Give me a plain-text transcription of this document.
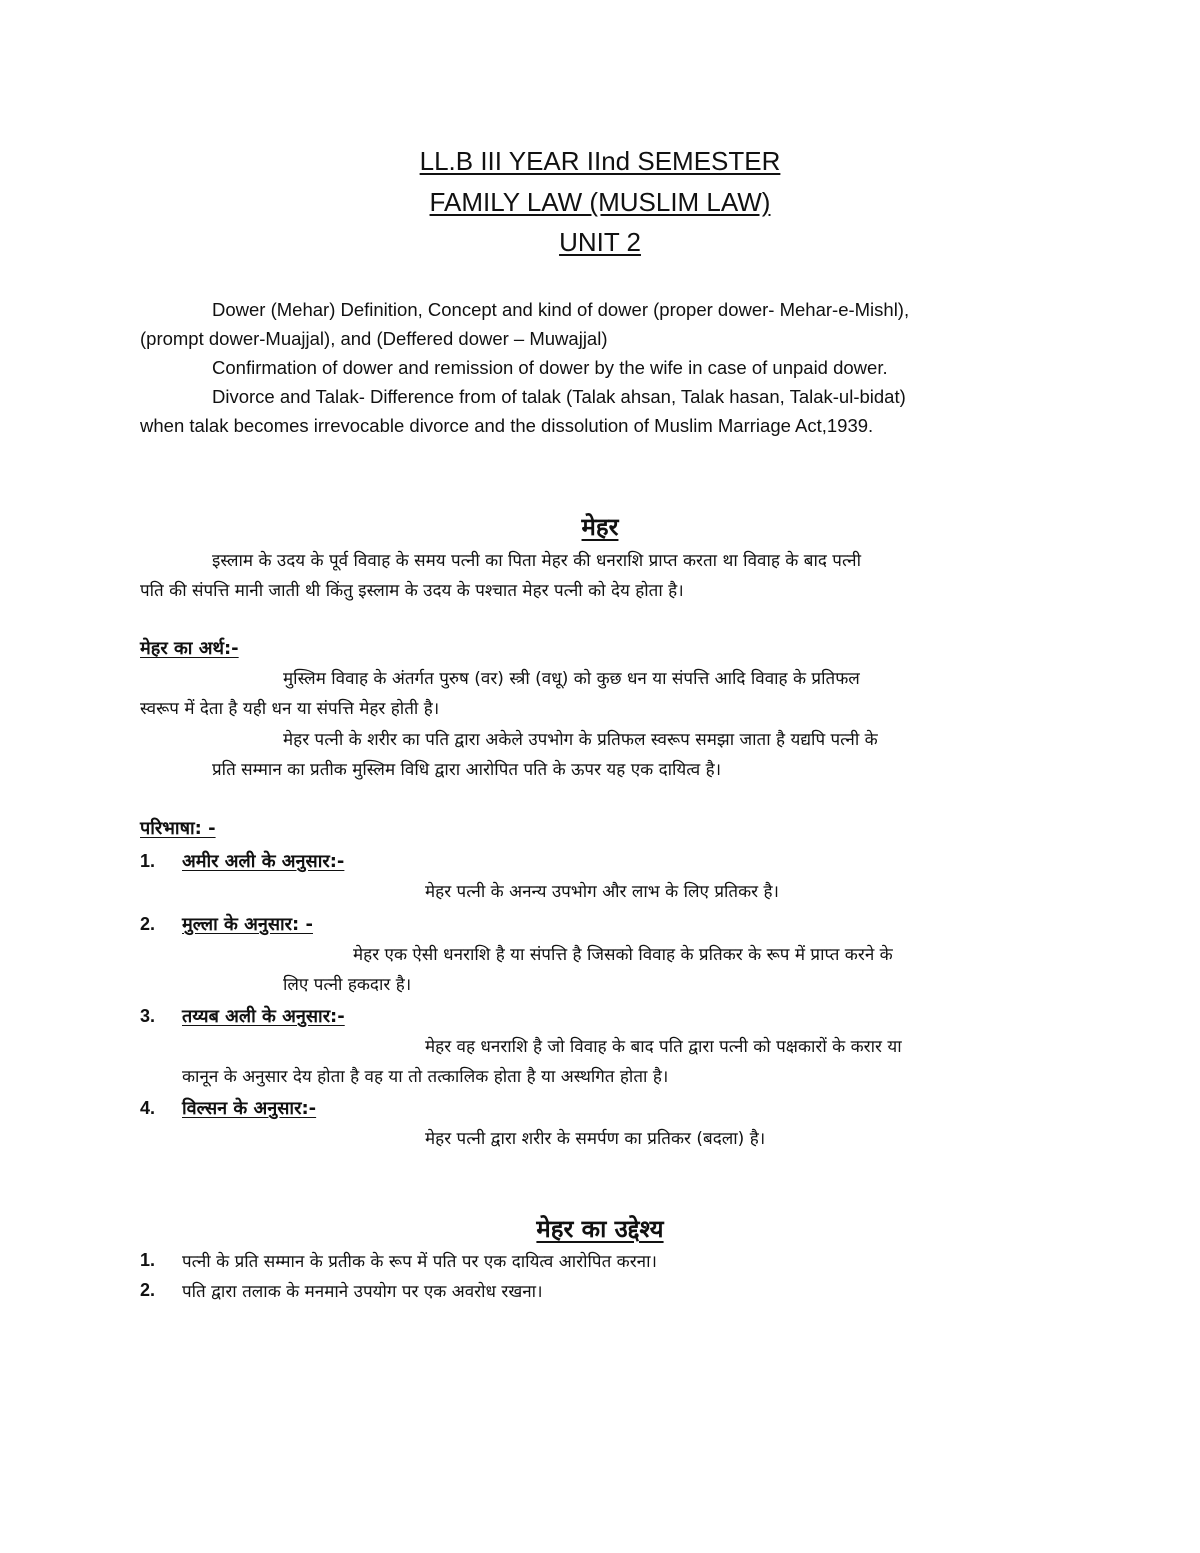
LL.B III YEAR IInd SEMESTER
FAMILY LAW (MUSLIM LAW)
UNIT 2
Dower (Mehar) Definition, Concept and kind of dower (proper dower- Mehar-e-Mishl),
(prompt dower-Muajjal), and (Deffered dower – Muwajjal)
Confirmation of dower and remission of dower by the wife in case of unpaid dower.
Divorce and Talak- Difference from of talak (Talak ahsan, Talak hasan, Talak-ul-bidat)
when talak becomes irrevocable divorce and the dissolution of Muslim Marriage Act,1939.
मेहर
इस्लाम के उदय के पूर्व विवाह के समय पत्नी का पिता मेहर की धनराशि प्राप्त करता था विवाह के बाद पत्नी
पति की संपत्ति मानी जाती थी किंतु इस्लाम के उदय के पश्चात मेहर पत्नी को देय होता है।
मेहर का अर्थ:-
मुस्लिम विवाह के अंतर्गत पुरुष (वर) स्त्री (वधू) को कुछ धन या संपत्ति आदि विवाह के प्रतिफल
स्वरूप में देता है यही धन या संपत्ति मेहर होती है।
मेहर पत्नी के शरीर का पति द्वारा अकेले उपभोग के प्रतिफल स्वरूप समझा जाता है यद्यपि पत्नी के
प्रति सम्मान का प्रतीक मुस्लिम विधि द्वारा आरोपित पति के ऊपर यह एक दायित्व है।
परिभाषा: -
1. अमीर अली के अनुसार:-
मेहर पत्नी के अनन्य उपभोग और लाभ के लिए प्रतिकर है।
2. मुल्ला के अनुसार: -
मेहर एक ऐसी धनराशि है या संपत्ति है जिसको विवाह के प्रतिकर के रूप में प्राप्त करने के
लिए पत्नी हकदार है।
3. तय्यब अली के अनुसार:-
मेहर वह धनराशि है जो विवाह के बाद पति द्वारा पत्नी को पक्षकारों के करार या
कानून के अनुसार देय होता है वह या तो तत्कालिक होता है या अस्थगित होता है।
4. विल्सन के अनुसार:-
मेहर पत्नी द्वारा शरीर के समर्पण का प्रतिकर (बदला) है।
मेहर का उद्देश्य
1. पत्नी के प्रति सम्मान के प्रतीक के रूप में पति पर एक दायित्व आरोपित करना।
2. पति द्वारा तलाक के मनमाने उपयोग पर एक अवरोध रखना।
